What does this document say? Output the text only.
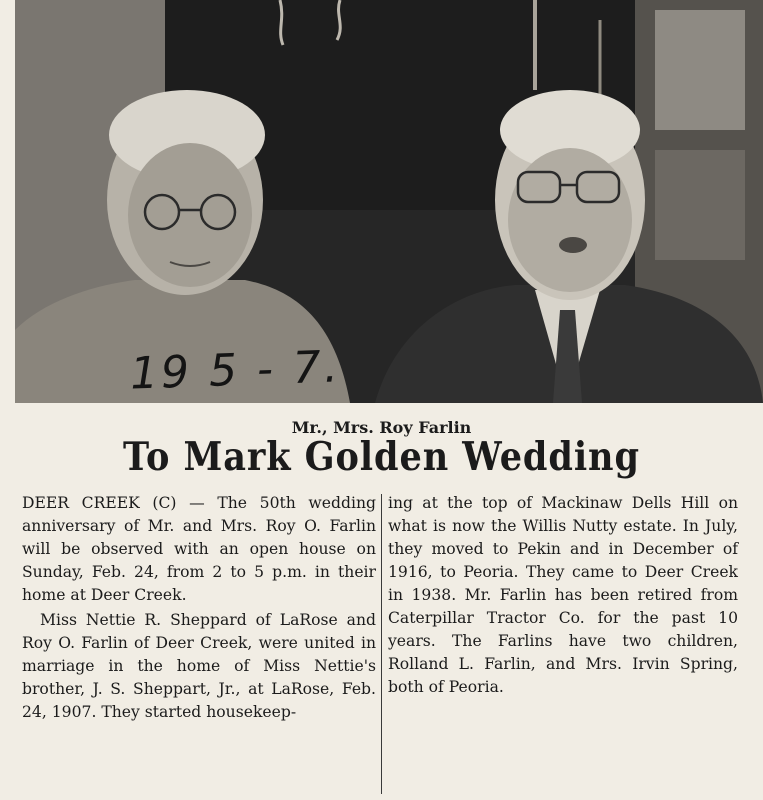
19 5 - 7.
Mr., Mrs. Roy Farlin
To Mark Golden Wedding

DEER CREEK (C) — The 50th wedding anniversary of Mr. and Mrs. Roy O. Farlin will be observed with an open house on Sunday, Feb. 24, from 2 to 5 p.m. in their home at Deer Creek.

Miss Nettie R. Sheppard of LaRose and Roy O. Farlin of Deer Creek, were united in marriage in the home of Miss Nettie's brother, J. S. Sheppart, Jr., at LaRose, Feb. 24, 1907. They started housekeep-

ing at the top of Mackinaw Dells Hill on what is now the Willis Nutty estate. In July, they moved to Pekin and in December of 1916, to Peoria. They came to Deer Creek in 1938. Mr. Farlin has been retired from Caterpillar Tractor Co. for the past 10 years. The Farlins have two children, Rolland L. Farlin, and Mrs. Irvin Spring, both of Peoria.
